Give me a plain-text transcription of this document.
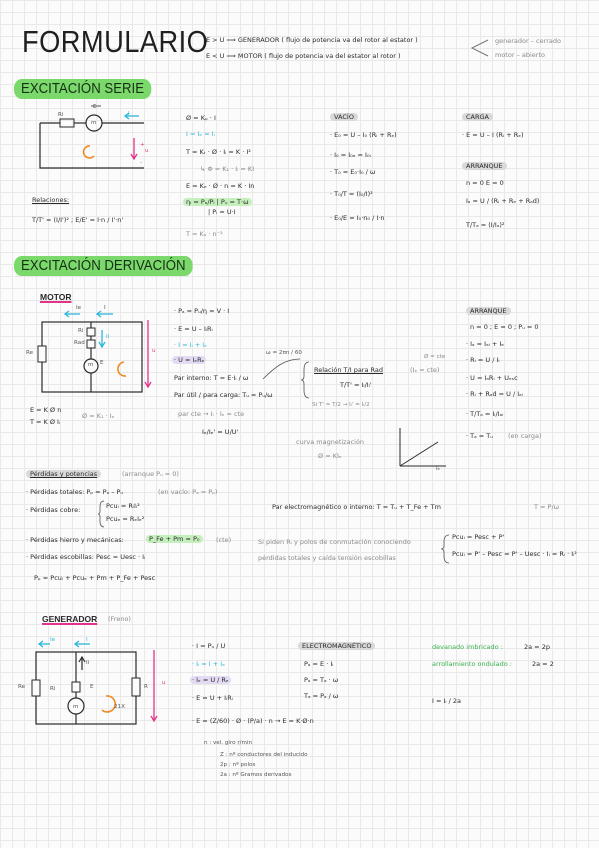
FORMULARIO
E > U ⟹ GENERADOR ( flujo de potencia va del rotor al estator )
E < U ⟹ MOTOR ( flujo de potencia va del estator al rotor )
generador – cerrado
motor – abierto
EXCITACIÓN SERIE
Ri
E
m
I
+
u
-
Relaciones:
T/T' = (I/I')² ; E/E' = I·n / I'·n'
Ø = Kₚ · I
I = Iₑ = Iᵢ
T = Kₜ · Ø · Iᵢ = K · I²
↳ Φ = K₁ · Iᵢ = KI
E = Kₑ · Ø · n = K · In
ηᵢ = Pₐ/Pᵢ | Pᵤ = T·ω
| Pᵢ = U·I
T = Kₐ · n⁻²
VACÍO
· E₀ = U – I₀ (Rᵢ + Rₑ)
· I₀ = I₀ₑ = I₀ᵢ
· T₀ = E₀·I₀ / ω
· T₀/T = (I₀/I)²
· E₀/E = I₀·n₀ / I·n
CARGA
· E = U – I (Rᵢ + Rₑ)
ARRANQUE
n = 0 E = 0
Iₐ = U / (Rᵢ + Rₑ + Rₐd)
T/Tₐ = (I/Iₐ)²
EXCITACIÓN DERIVACIÓN
MOTOR
Ie	I
Ri
Rad
Ii
Re
m E
u
E = K Ø n
T = K Ø Iᵢ
Ø = K₁ · Iₑ
· Pₐ = Pᵤ/η = V · I
· E = U – IᵢRᵢ
· I = Iᵢ + Iₑ
· U = IₑRₑ
Par interno: T = E·Iᵢ / ω
Par útil / para carga: Tᵤ = Pᵤ/ω
par cte → Iᵢ · Iₑ = cte
Iₑ/Iₑ' = U/U'
ω = 2πn / 60
Relación T/I para Rad	(Iₑ = cte)
Ø = cte
T/T' = Iᵢ/Iᵢ'
Si T' = T/2 → Iᵢ' = Iᵢ/2
curva magnetización
Ø = KIₑ
Iₑ
ARRANQUE
n = 0 ; E = 0 ; Pᵤ = 0
· Iₐ = Iₐᵢ + Iₑ
· Rᵢ = U / Iᵢ
· U = IₐRᵢ + Uₑₛc
· Rᵢ + Rₐd = U / Iₐᵢ
· T/Tₐ = Iᵢ/Iₐᵢ
· Tₐ = Tᵤ (en carga)
Pérdidas y potencias	(arranque Pᵤ = 0)
· Pérdidas totales: Pₚ = Pₐ – Pᵤ	(en vacío: Pₐ = Pₚ)
· Pérdidas cobre:	Pcuᵢ = RᵢIᵢ²
Pcuₑ = RₑIₑ²
Par electromagnético o interno: T = Tᵤ + T_Fe + Tm	T = P/ω
· Pérdidas hierro y mecánicas:	P_Fe + Pm = P₀	(cte)
· Pérdidas escobillas: Pesc = Uesc · Iᵢ
Si piden Rᵢ y polos de conmutación conociendo
pérdidas totales y caída tensión escobillas
Pcuᵢ = Pesc + P'
Pcuᵢ = P' – Pesc = P' – Uesc · Iᵢ = Rᵢ · Iᵢ²
Pₚ = Pcuᵢ + Pcuₑ + Pm + P_Fe + Pesc
GENERADOR (Freno)
Ie	I
Ii
Re	Ri
m
E	R
21X
u
· I = Pᵤ / U
· Iᵢ = I + Iₑ
· Iₑ = U / Rₑ
· E = U + IᵢRᵢ
· E = (Z/60) · Ø · (P/a) · n → E = K·Ø·n
n : vel. giro r/min
Z : nº conductores del inducido
2p : nº polos
2a : nº Gramos derivados
ELECTROMAGNÉTICO
Pₐ = E · Iᵢ
Pₐ = Tₐ · ω
Tₐ = Pₐ / ω
devanado imbricado :	2a = 2p
arrollamiento ondulado :	2a = 2
I = Iᵢ / 2a
